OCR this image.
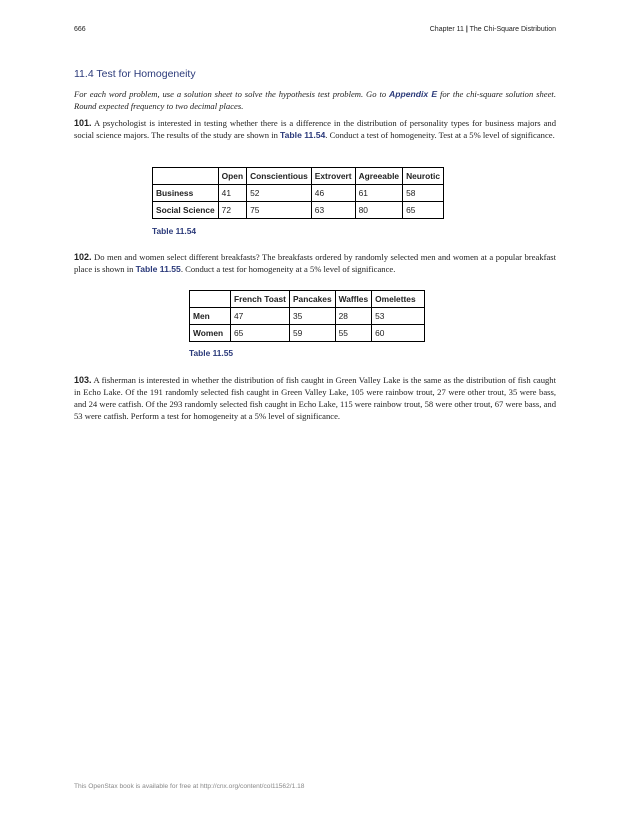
666	Chapter 11 | The Chi-Square Distribution
11.4 Test for Homogeneity
For each word problem, use a solution sheet to solve the hypothesis test problem. Go to Appendix E for the chi-square solution sheet. Round expected frequency to two decimal places.
101. A psychologist is interested in testing whether there is a difference in the distribution of personality types for business majors and social science majors. The results of the study are shown in Table 11.54. Conduct a test of homogeneity. Test at a 5% level of significance.
	Open	Conscientious	Extrovert	Agreeable	Neurotic
Business	41	52	46	61	58
Social Science	72	75	63	80	65
Table 11.54
102. Do men and women select different breakfasts? The breakfasts ordered by randomly selected men and women at a popular breakfast place is shown in Table 11.55. Conduct a test for homogeneity at a 5% level of significance.
	French Toast	Pancakes	Waffles	Omelettes
Men	47	35	28	53
Women	65	59	55	60
Table 11.55
103. A fisherman is interested in whether the distribution of fish caught in Green Valley Lake is the same as the distribution of fish caught in Echo Lake. Of the 191 randomly selected fish caught in Green Valley Lake, 105 were rainbow trout, 27 were other trout, 35 were bass, and 24 were catfish. Of the 293 randomly selected fish caught in Echo Lake, 115 were rainbow trout, 58 were other trout, 67 were bass, and 53 were catfish. Perform a test for homogeneity at a 5% level of significance.
This OpenStax book is available for free at http://cnx.org/content/col11562/1.18
